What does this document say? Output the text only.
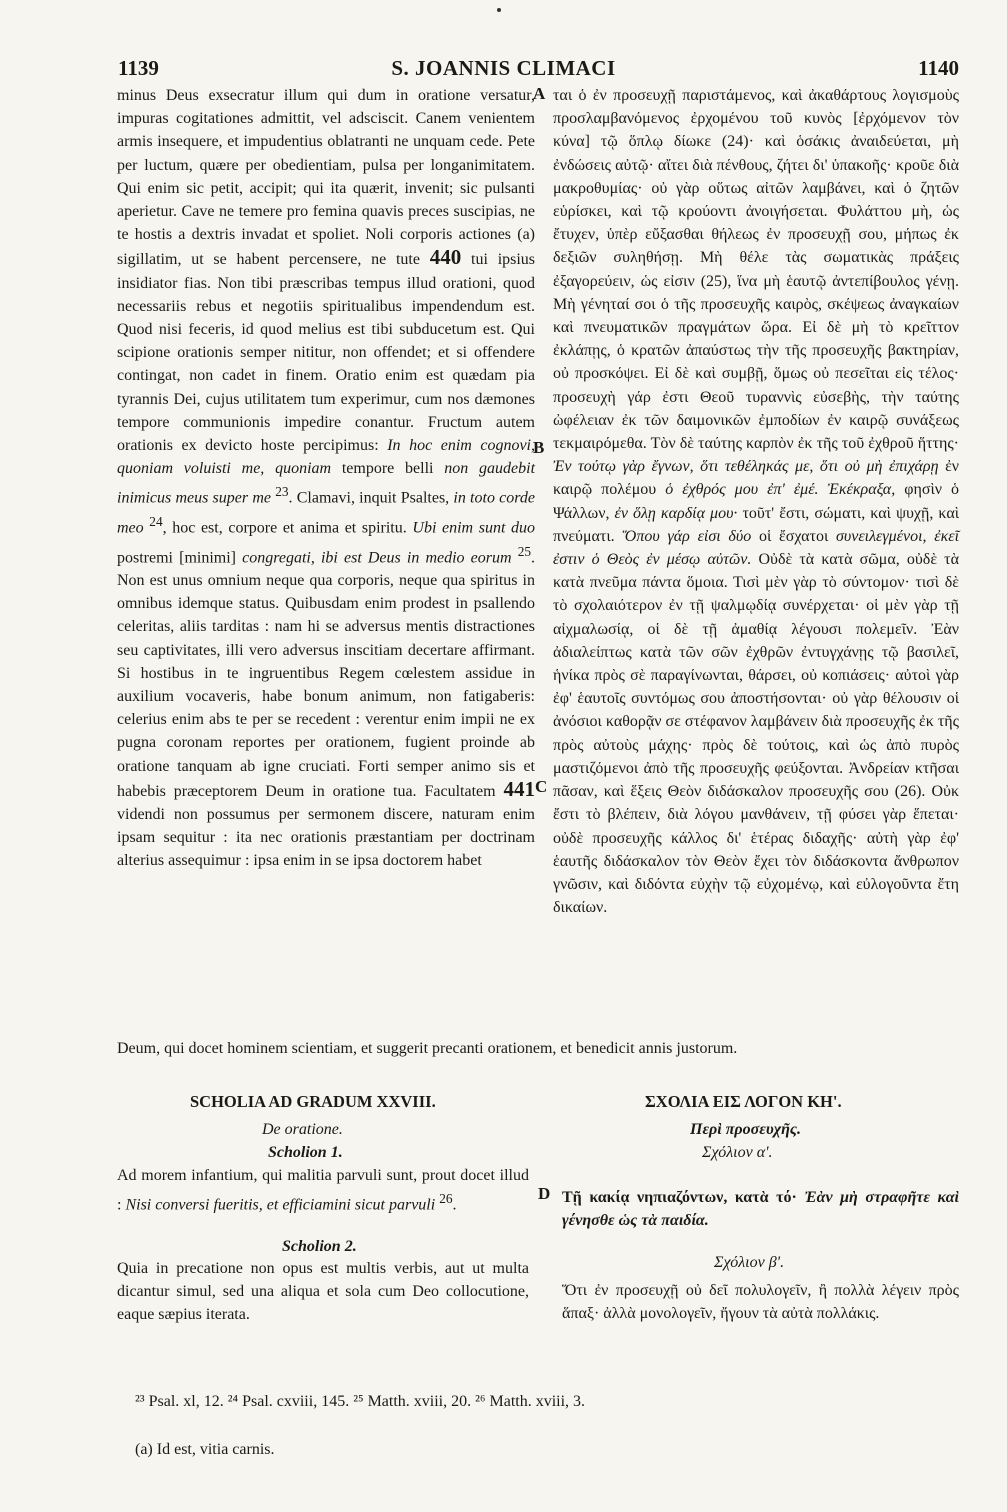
1139	S. JOANNIS CLIMACI	1140
A
B
C
D

minus Deus exsecratur illum qui dum in oratione versatur, impuras cogitationes admittit, vel adsciscit. Canem venientem armis insequere, et impudentius oblatranti ne unquam cede. Pete per luctum, quære per obedientiam, pulsa per longanimitatem. Qui enim sic petit, accipit; qui ita quærit, invenit; sic pulsanti aperietur. Cave ne temere pro femina quavis preces suscipias, ne te hostis a dextris invadat et spoliet. Noli corporis actiones (a) sigillatim, ut se habent percensere, ne tute 440 tui ipsius insidiator fias. Non tibi præscribas tempus illud orationi, quod necessariis rebus et negotiis spiritualibus impendendum est. Quod nisi feceris, id quod melius est tibi subducetum est. Qui scipione orationis semper nititur, non offendet; et si offendere contingat, non cadet in finem. Oratio enim est quædam pia tyrannis Dei, cujus utilitatem tum experimur, cum nos dæmones tempore communionis impedire conantur. Fructum autem orationis ex devicto hoste percipimus: In hoc enim cognovi, quoniam voluisti me, quoniam tempore belli non gaudebit inimicus meus super me $^{23}$. Clamavi, inquit Psaltes, in toto corde meo $^{24}$, hoc est, corpore et anima et spiritu. Ubi enim sunt duo postremi [minimi] congregati, ibi est Deus in medio eorum $^{25}$. Non est unus omnium neque qua corporis, neque qua spiritus in omnibus idemque status. Quibusdam enim prodest in psallendo celeritas, aliis tarditas : nam hi se adversus mentis distractiones seu captivitates, illi vero adversus inscitiam decertare affirmant. Si hostibus in te ingruentibus Regem cœlestem assidue in auxilium vocaveris, habe bonum animum, non fatigaberis: celerius enim abs te per se recedent : verentur enim impii ne ex pugna coronam reportes per orationem, fugient proinde ab oratione tanquam ab igne cruciati. Forti semper animo sis et habebis præceptorem Deum in oratione tua. Facultatem 441 videndi non possumus per sermonem discere, naturam enim ipsam sequitur : ita nec orationis præstantiam per doctrinam alterius assequimur : ipsa enim in se ipsa doctorem habet

ται ὁ ἐν προσευχῇ παριστάμενος, καὶ ἀκαθάρτους λογισμοὺς προσλαμβανόμενος ἐρχομένου τοῦ κυνὸς [ἐρχόμενον τὸν κύνα] τῷ ὅπλῳ δίωκε (24)· καὶ ὁσάκις ἀναιδεύεται, μὴ ἐνδώσεις αὐτῷ· αἴτει διὰ πένθους, ζήτει δι' ὑπακοῆς· κροῦε διὰ μακροθυμίας· οὐ γὰρ οὕτως αἰτῶν λαμβάνει, καὶ ὁ ζητῶν εὑρίσκει, καὶ τῷ κρούοντι ἀνοιγήσεται. Φυλάττου μὴ, ὡς ἔτυχεν, ὑπὲρ εὔξασθαι θήλεως ἐν προσευχῇ σου, μήπως ἐκ δεξιῶν συληθήσῃ. Μὴ θέλε τὰς σωματικὰς πράξεις ἐξαγορεύειν, ὡς εἰσιν (25), ἵνα μὴ ἑαυτῷ ἀντεπίβουλος γένῃ. Μὴ γένηταί σοι ὁ τῆς προσευχῆς καιρὸς, σκέψεως ἀναγκαίων καὶ πνευματικῶν πραγμάτων ὥρα. Εἰ δὲ μὴ τὸ κρεῖττον ἐκλάπῃς, ὁ κρατῶν ἀπαύστως τὴν τῆς προσευχῆς βακτηρίαν, οὐ προσκόψει. Εἰ δὲ καὶ συμβῇ, ὅμως οὐ πεσεῖται εἰς τέλος· προσευχὴ γάρ ἐστι Θεοῦ τυραννὶς εὐσεβὴς, τὴν ταύτης ὠφέλειαν ἐκ τῶν δαιμονικῶν ἐμποδίων ἐν καιρῷ συνάξεως τεκμαιρόμεθα. Τὸν δὲ ταύτης καρπὸν ἐκ τῆς τοῦ ἐχθροῦ ἥττης· Ἐν τούτῳ γὰρ ἔγνων, ὅτι τεθέληκάς με, ὅτι οὐ μὴ ἐπιχάρῃ ἐν καιρῷ πολέμου ὁ ἐχθρός μου ἐπ' ἐμέ. Ἐκέκραξα, φησὶν ὁ Ψάλλων, ἐν ὅλῃ καρδίᾳ μου· τοῦτ' ἔστι, σώματι, καὶ ψυχῇ, καὶ πνεύματι. Ὅπου γάρ εἰσι δύο οἱ ἔσχατοι συνειλεγμένοι, ἐκεῖ ἐστιν ὁ Θεὸς ἐν μέσῳ αὐτῶν. Οὐδὲ τὰ κατὰ σῶμα, οὐδὲ τὰ κατὰ πνεῦμα πάντα ὅμοια. Τισὶ μὲν γὰρ τὸ σύντομον· τισὶ δὲ τὸ σχολαιότερον ἐν τῇ ψαλμῳδίᾳ συνέρχεται· οἱ μὲν γὰρ τῇ αἰχμαλωσίᾳ, οἱ δὲ τῇ ἀμαθίᾳ λέγουσι πολεμεῖν. Ἐὰν ἀδιαλείπτως κατὰ τῶν σῶν ἐχθρῶν ἐντυγχάνῃς τῷ βασιλεῖ, ἡνίκα πρὸς σὲ παραγίνωνται, θάρσει, οὐ κοπιάσεις· αὐτοὶ γὰρ ἐφ' ἑαυτοῖς συντόμως σου ἀποστήσονται· οὐ γὰρ θέλουσιν οἱ ἀνόσιοι καθορᾷν σε στέφανον λαμβάνειν διὰ προσευχῆς ἐκ τῆς πρὸς αὐτοὺς μάχης· πρὸς δὲ τούτοις, καὶ ὡς ἀπὸ πυρὸς μαστιζόμενοι ἀπὸ τῆς προσευχῆς φεύξονται. Ἀνδρείαν κτῆσαι πᾶσαν, καὶ ἕξεις Θεὸν διδάσκαλον προσευχῆς σου (26). Οὐκ ἔστι τὸ βλέπειν, διὰ λόγου μανθάνειν, τῇ φύσει γὰρ ἕπεται· οὐδὲ προσευχῆς κάλλος δι' ἑτέρας διδαχῆς· αὐτὴ γὰρ ἐφ' ἑαυτῆς διδάσκαλον τὸν Θεὸν ἔχει τὸν διδάσκοντα ἄνθρωπον γνῶσιν, καὶ διδόντα εὐχὴν τῷ εὐχομένῳ, καὶ εὐλογοῦντα ἔτη δικαίων.

Deum, qui docet hominem scientiam, et suggerit precanti orationem, et benedicit annis justorum.
SCHOLIA AD GRADUM XXVIII.
De oratione.
Scholion 1.
Ad morem infantium, qui malitia parvuli sunt, prout docet illud : Nisi conversi fueritis, et efficiamini sicut parvuli $^{26}$.
Scholion 2.
Quia in precatione non opus est multis verbis, aut ut multa dicantur simul, sed una aliqua et sola cum Deo collocutione, eaque sæpius iterata.
ΣΧΟΛΙΑ ΕΙΣ ΛΟΓΟΝ ΚΗ'.
Περὶ προσευχῆς.
Σχόλιον α'.
Τῇ κακίᾳ νηπιαζόντων, κατὰ τό· Ἐὰν μὴ στραφῆτε καὶ γένησθε ὡς τὰ παιδία.
Σχόλιον β'.
Ὅτι ἐν προσευχῇ οὐ δεῖ πολυλογεῖν, ἢ πολλὰ λέγειν πρὸς ἅπαξ· ἀλλὰ μονολογεῖν, ἤγουν τὰ αὐτὰ πολλάκις.
²³ Psal. xl, 12. ²⁴ Psal. cxviii, 145. ²⁵ Matth. xviii, 20. ²⁶ Matth. xviii, 3.
(a) Id est, vitia carnis.
